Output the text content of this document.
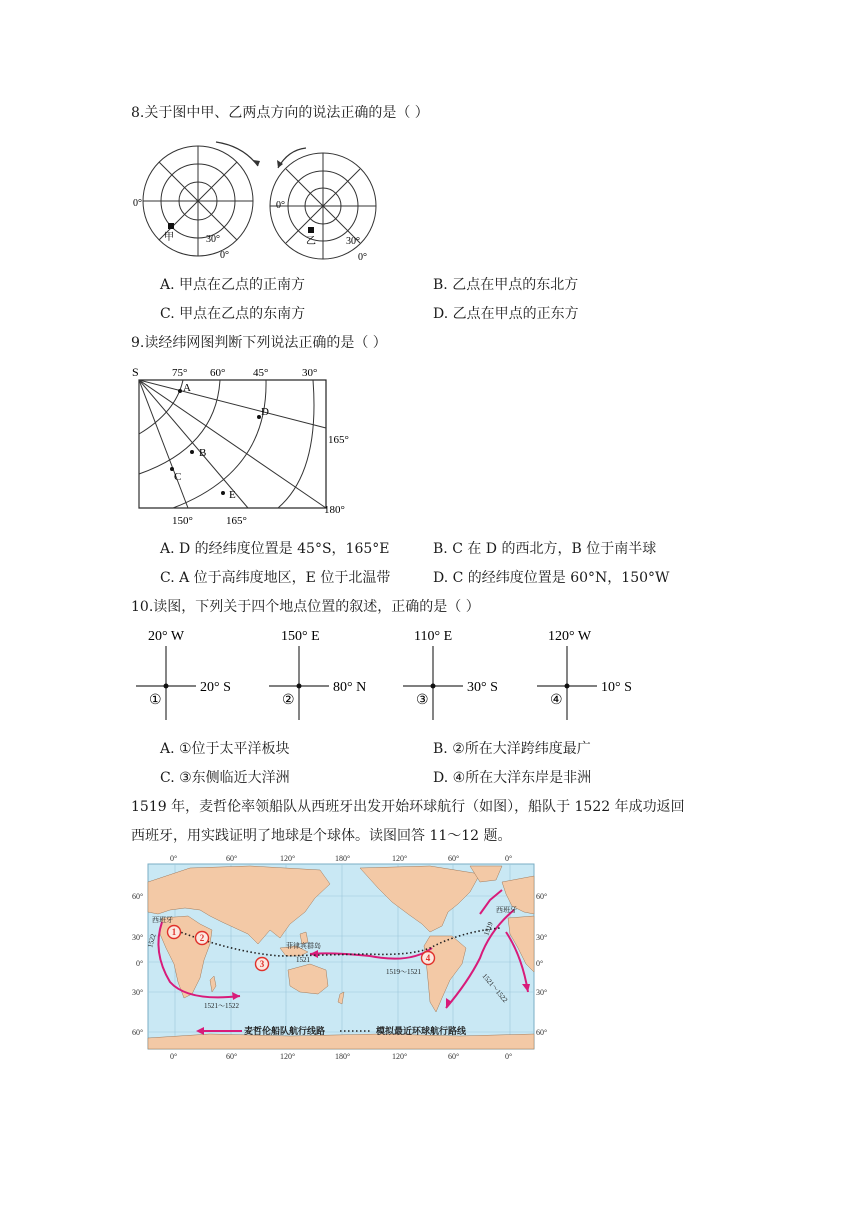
8.关于图中甲、乙两点方向的说法正确的是（ ）
0°
甲	30°
0°
0°
乙	30°
0°
A. 甲点在乙点的正南方	B. 乙点在甲点的东北方
C. 甲点在乙点的东南方	D. 乙点在甲点的正东方
9.读经纬网图判断下列说法正确的是（ ）
S	75° 60°	45°	30°
165°
180°
150°	165°
A
D
B
C
E
A. D 的经纬度位置是 45°S，165°E	B. C 在 D 的西北方，B 位于南半球
C. A 位于高纬度地区，E 位于北温带	D. C 的经纬度位置是 60°N，150°W
10.读图，下列关于四个地点位置的叙述，正确的是（ ）
20° W
20° S
①
150° E
80° N
②
110° E
30° S
③
120° W
10° S
④
A. ①位于太平洋板块	B. ②所在大洋跨纬度最广
C. ③东侧临近大洋洲	D. ④所在大洋东岸是非洲
1519 年，麦哲伦率领船队从西班牙出发开始环球航行（如图），船队于 1522 年成功返回
西班牙，用实践证明了地球是个球体。读图回答 11～12 题。
0°	60°	120°	180°	120°	60°	0°
0°	60°	120°	180°	120°	60°	0°
60°
30°
0°
30°
60°
60°
30°
0°
30°
60°
1
2
3
4
西班牙
西班牙
菲律宾群岛
1521
1519～1521
1521～1522
1521～1522
1522
1519
麦哲伦船队航行线路	模拟最近环球航行路线
